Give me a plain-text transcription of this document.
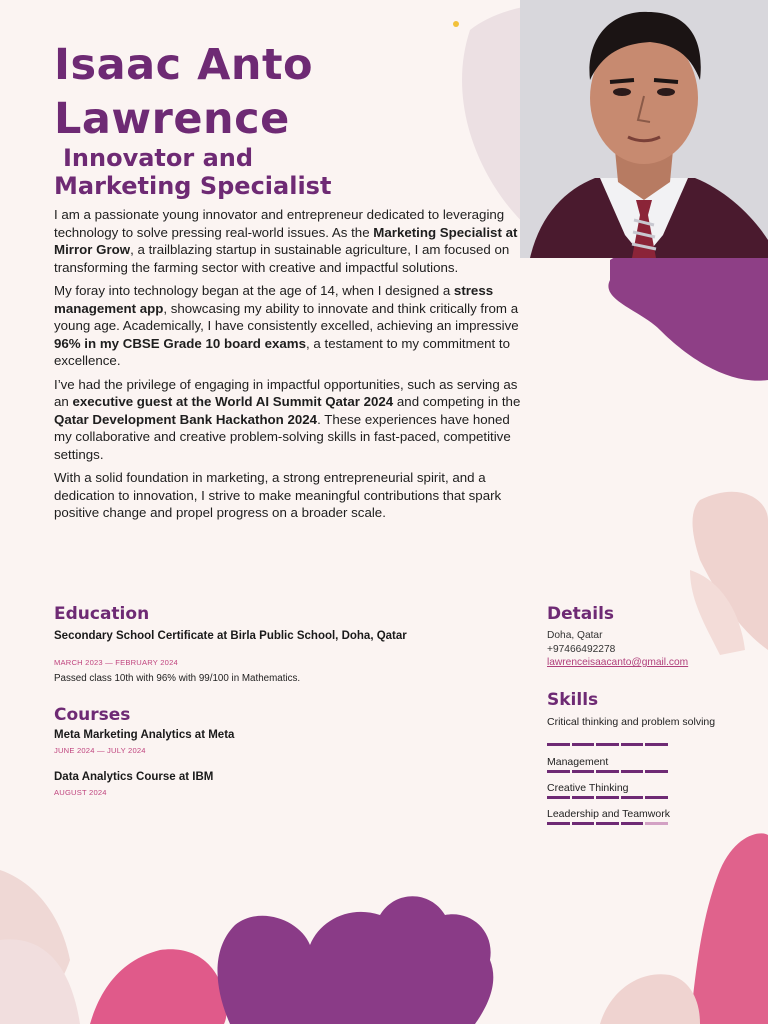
Isaac Anto
Lawrence
Innovator and
Marketing Specialist

I am a passionate young innovator and entrepreneur dedicated to leveraging technology to solve pressing real-world issues. As the Marketing Specialist at Mirror Grow, a trailblazing startup in sustainable agriculture, I am focused on transforming the farming sector with creative and impactful solutions.

My foray into technology began at the age of 14, when I designed a stress management app, showcasing my ability to innovate and think critically from a young age. Academically, I have consistently excelled, achieving an impressive 96% in my CBSE Grade 10 board exams, a testament to my commitment to excellence.

I’ve had the privilege of engaging in impactful opportunities, such as serving as an executive guest at the World AI Summit Qatar 2024 and competing in the Qatar Development Bank Hackathon 2024. These experiences have honed my collaborative and creative problem-solving skills in fast-paced, competitive settings.

With a solid foundation in marketing, a strong entrepreneurial spirit, and a dedication to innovation, I strive to make meaningful contributions that spark positive change and propel progress on a broader scale.

Education
Secondary School Certificate at Birla Public School, Doha, Qatar
MARCH 2023 — FEBRUARY 2024
Passed class 10th with 96% with 99/100 in Mathematics.
Courses
Meta Marketing Analytics at Meta
JUNE 2024 — JULY 2024
Data Analytics Course at IBM
AUGUST 2024
Details
Doha, Qatar
+97466492278
lawrenceisaacanto@gmail.com
Skills
Critical thinking and problem solving
Management
Creative Thinking
Leadership and Teamwork
